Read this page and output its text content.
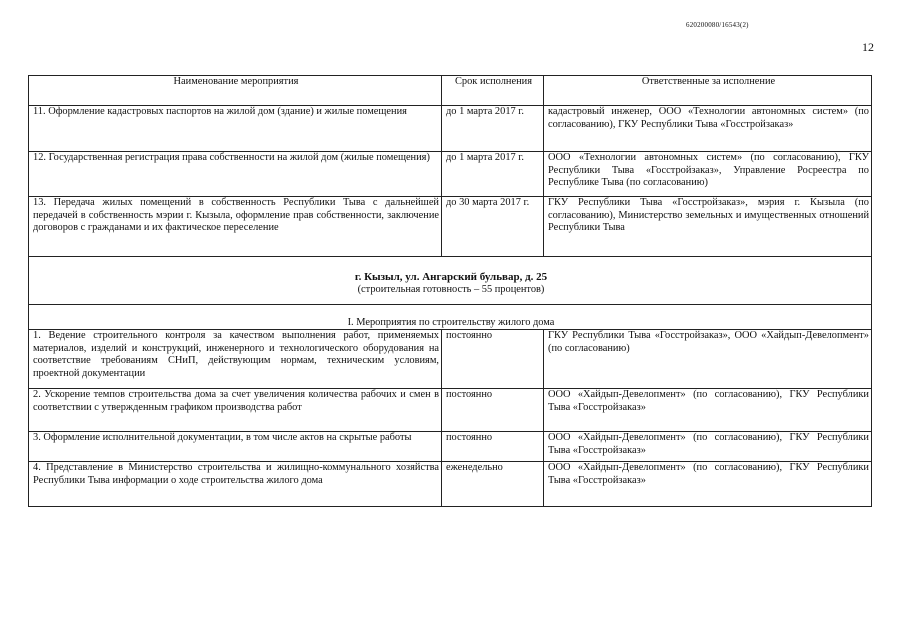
620200080/16543(2)
12
Наименование мероприятия	Срок исполнения	Ответственные за исполнение
11. Оформление кадастровых паспортов на жилой дом (здание) и жилые помещения	до 1 марта 2017 г.	кадастровый инженер, ООО «Технологии автономных систем» (по согласованию), ГКУ Республики Тыва «Госстройзаказ»
12. Государственная регистрация права собственности на жилой дом (жилые помещения)	до 1 марта 2017 г.	ООО «Технологии автономных систем» (по согласованию), ГКУ Республики Тыва «Госстройзаказ», Управление Росреестра по Республике Тыва (по согласованию)
13. Передача жилых помещений в собственность Республики Тыва с дальнейшей передачей в собственность мэрии г. Кызыла, оформление прав собственности, заключение договоров с гражданами и их фактическое переселение	до 30 марта 2017 г.	ГКУ Республики Тыва «Госстройзаказ», мэрия г. Кызыла (по согласованию), Министерство земельных и имущественных отношений Республики Тыва

г. Кызыл, ул. Ангарский бульвар, д. 25
(строительная готовность – 55 процентов)		

I. Мероприятия по строительству жилого дома		
1. Ведение строительного контроля за качеством выполнения работ, применяемых материалов, изделий и конструкций, инженерного и технологического оборудования на соответствие требованиям СНиП, действующим нормам, техническим условиям, проектной документации	постоянно	ГКУ Республики Тыва «Госстройзаказ», ООО «Хайдып-Девелопмент» (по согласованию)
2. Ускорение темпов строительства дома за счет увеличения количества рабочих и смен в соответствии с утвержденным графиком производства работ	постоянно	ООО «Хайдып-Девелопмент» (по согласованию), ГКУ Республики Тыва «Госстройзаказ»
3. Оформление исполнительной документации, в том числе актов на скрытые работы	постоянно	ООО «Хайдып-Девелопмент» (по согласованию), ГКУ Республики Тыва «Госстройзаказ»
4. Представление в Министерство строительства и жилищно-коммунального хозяйства Республики Тыва информации о ходе строительства жилого дома	еженедельно	ООО «Хайдып-Девелопмент» (по согласованию), ГКУ Республики Тыва «Госстройзаказ»
